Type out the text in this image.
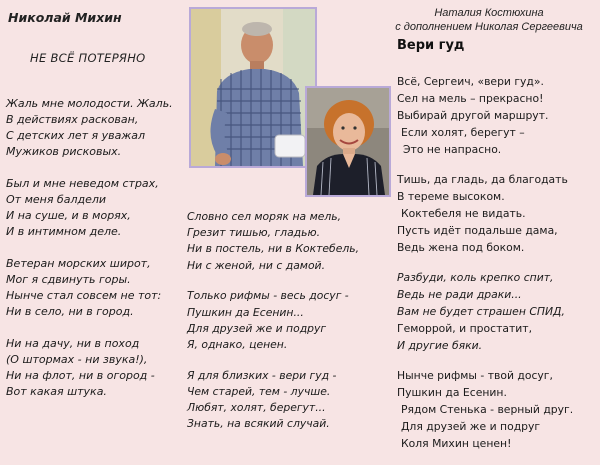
Николай Михин
НЕ ВСЁ ПОТЕРЯНО
Жаль мне молодости. Жаль.
В действиях раскован,
С детских лет я уважал
Мужиков рисковых.
Был и мне неведом страх,
От меня балдели
И на суше, и в морях,
И в интимном деле.
Ветеран морских широт,
Мог я сдвинуть горы.
Нынче стал совсем не тот:
Ни в село, ни в город.
Ни на дачу, ни в поход
(О штормах - ни звука!),
Ни на флот, ни в огород -
Вот какая штука.
Словно сел моряк на мель,
Грезит тишью, гладью.
Ни в постель, ни в Коктебель,
Ни с женой, ни с дамой.
Только рифмы - весь досуг -
Пушкин да Есенин...
Для друзей же и подруг
Я, однако, ценен.
Я для близких - вери гуд -
Чем старей, тем - лучше.
Любят, холят, берегут...
Знать, на всякий случай.
Наталия Костюхина
с дополнением Николая Сергеевича
Вери гуд
Всё, Сергеич, «вери гуд».
Сел на мель – прекрасно!
Выбирай другой маршрут.
Если холят, берегут –
Это не напрасно.
Тишь, да гладь, да благодать
В тереме высоком.
Коктебеля не видать.
Пусть идёт подальше дама,
Ведь жена под боком.
Разбуди, коль крепко спит,
Ведь не ради драки...
Вам не будет страшен СПИД,
Геморрой, и простатит,
И другие бяки.
Нынче рифмы - твой досуг,
Пушкин да Есенин.
Рядом Стенька - верный друг.
Для друзей же и подруг
Коля Михин ценен!
